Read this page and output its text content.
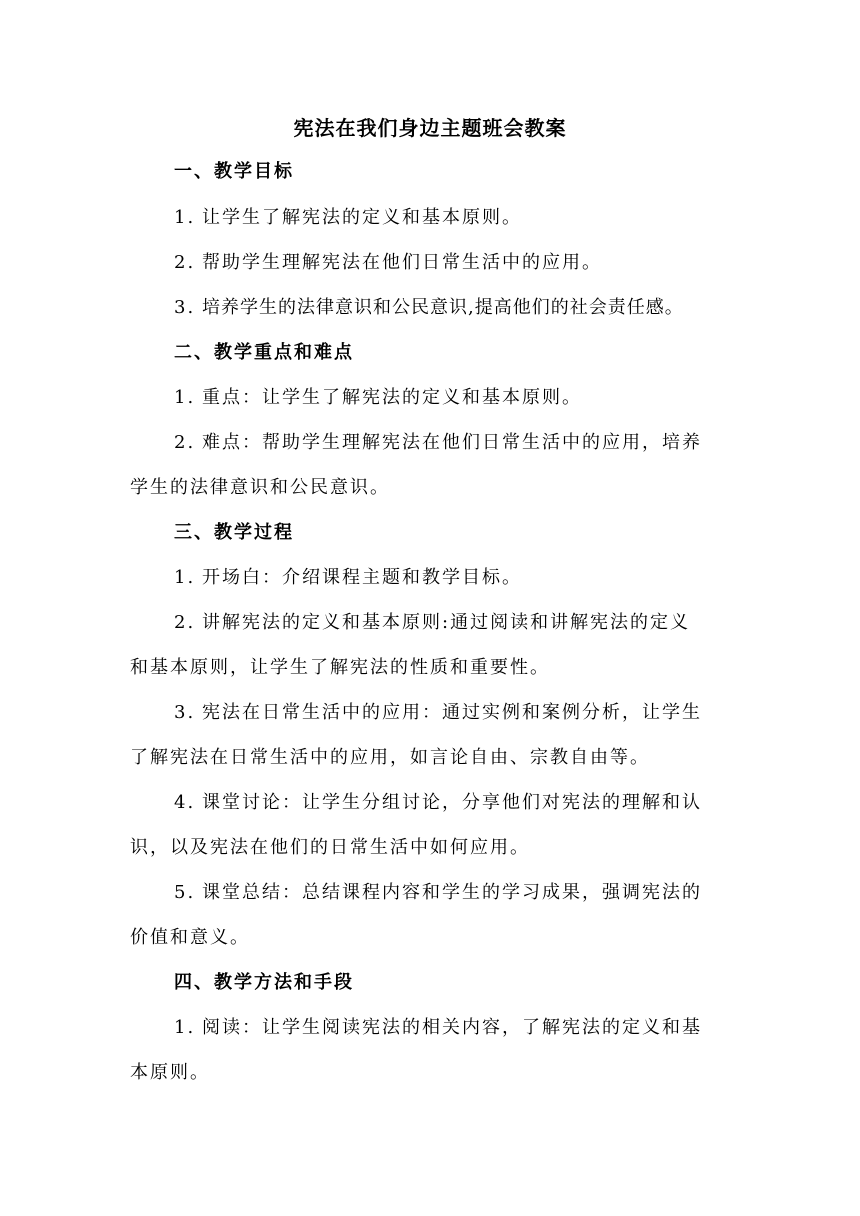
宪法在我们身边主题班会教案

一、教学目标

1. 让学生了解宪法的定义和基本原则。

2. 帮助学生理解宪法在他们日常生活中的应用。

3. 培养学生的法律意识和公民意识,提高他们的社会责任感。

二、教学重点和难点

1. 重点：让学生了解宪法的定义和基本原则。

2. 难点：帮助学生理解宪法在他们日常生活中的应用，培养

学生的法律意识和公民意识。

三、教学过程

1. 开场白：介绍课程主题和教学目标。

2. 讲解宪法的定义和基本原则:通过阅读和讲解宪法的定义

和基本原则，让学生了解宪法的性质和重要性。

3. 宪法在日常生活中的应用：通过实例和案例分析，让学生

了解宪法在日常生活中的应用，如言论自由、宗教自由等。

4. 课堂讨论：让学生分组讨论，分享他们对宪法的理解和认

识，以及宪法在他们的日常生活中如何应用。

5. 课堂总结：总结课程内容和学生的学习成果，强调宪法的

价值和意义。

四、教学方法和手段

1. 阅读：让学生阅读宪法的相关内容，了解宪法的定义和基

本原则。
